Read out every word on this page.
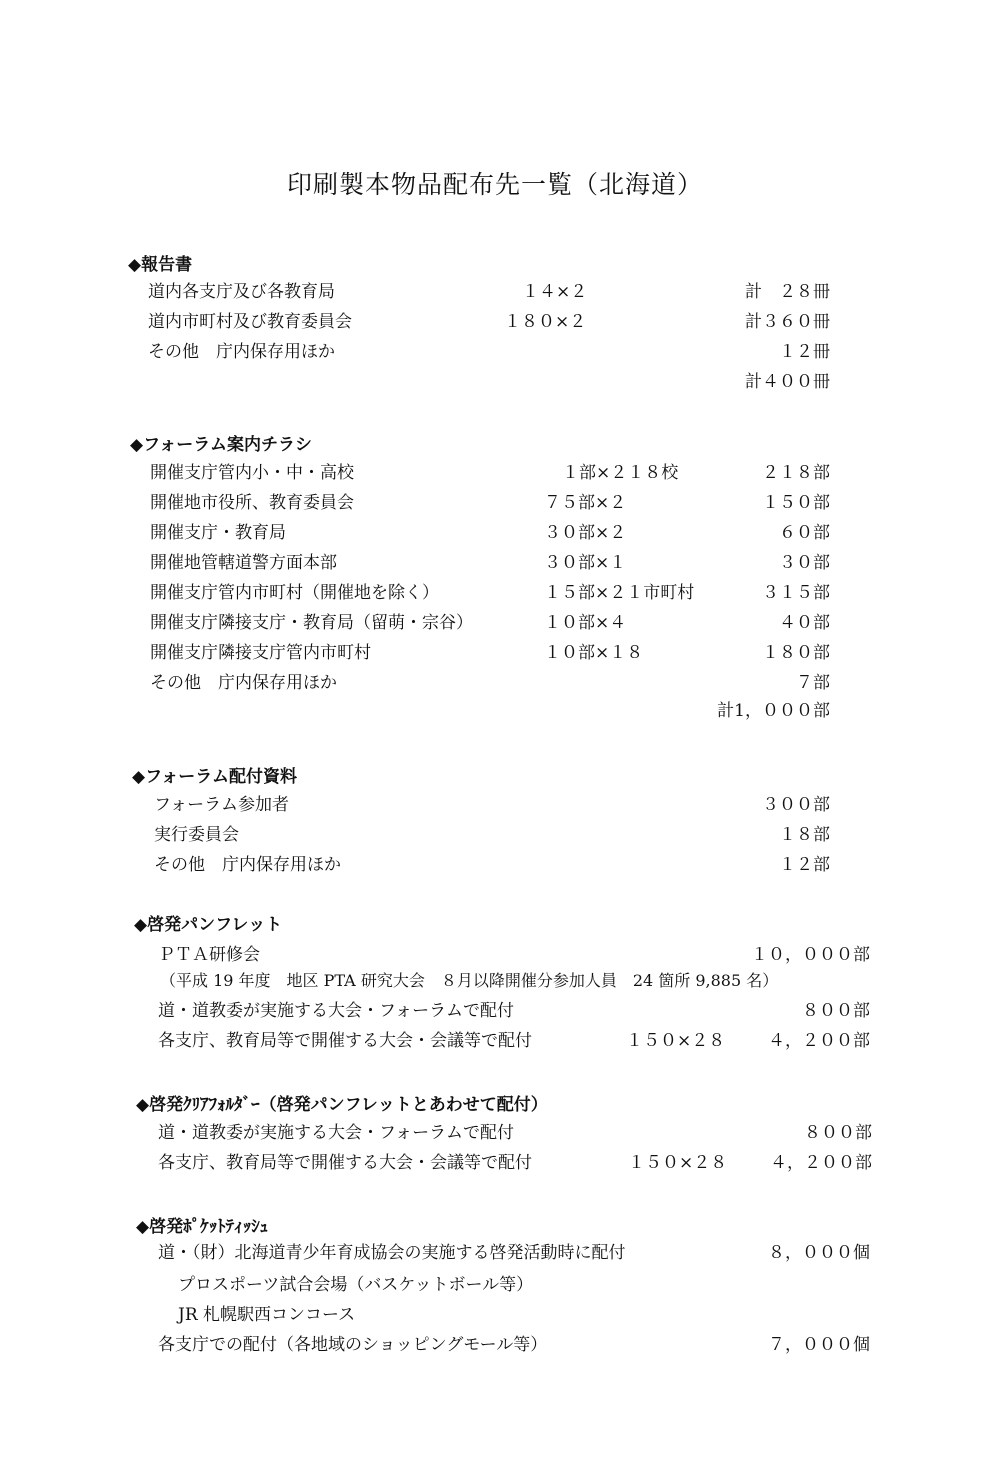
印刷製本物品配布先一覧（北海道）
◆報告書
道内各支庁及び各教育局	１４×２	計　２８冊
道内市町村及び教育委員会	１８０×２	計３６０冊
その他　庁内保存用ほか	１２冊
計４００冊
◆フォーラム案内チラシ
開催支庁管内小・中・高校	１部×２１８校	２１８部
開催地市役所、教育委員会	７５部×２	１５０部
開催支庁・教育局	３０部×２	６０部
開催地管轄道警方面本部	３０部×１	３０部
開催支庁管内市町村（開催地を除く）	１５部×２１市町村	３１５部
開催支庁隣接支庁・教育局（留萌・宗谷）	１０部×４	４０部
開催支庁隣接支庁管内市町村	１０部×１８	１８０部
その他　庁内保存用ほか	７部
計1，０００部
◆フォーラム配付資料
フォーラム参加者	３００部
実行委員会	１８部
その他　庁内保存用ほか	１２部
◆啓発パンフレット
ＰＴＡ研修会	１０，０００部
（平成 19 年度　地区 PTA 研究大会　８月以降開催分参加人員　24 箇所 9,885 名）
道・道教委が実施する大会・フォーラムで配付	８００部
各支庁、教育局等で開催する大会・会議等で配付	１５０×２８	４，２００部
◆啓発ｸﾘｱﾌｫﾙﾀﾞｰ（啓発パンフレットとあわせて配付）
道・道教委が実施する大会・フォーラムで配付	８００部
各支庁、教育局等で開催する大会・会議等で配付	１５０×２８	４，２００部
◆啓発ﾎﾟｹｯﾄﾃｨｯｼｭ
道・（財）北海道青少年育成協会の実施する啓発活動時に配付	８，０００個
プロスポーツ試合会場（バスケットボール等）
JR 札幌駅西コンコース
各支庁での配付（各地域のショッピングモール等）	７，０００個
